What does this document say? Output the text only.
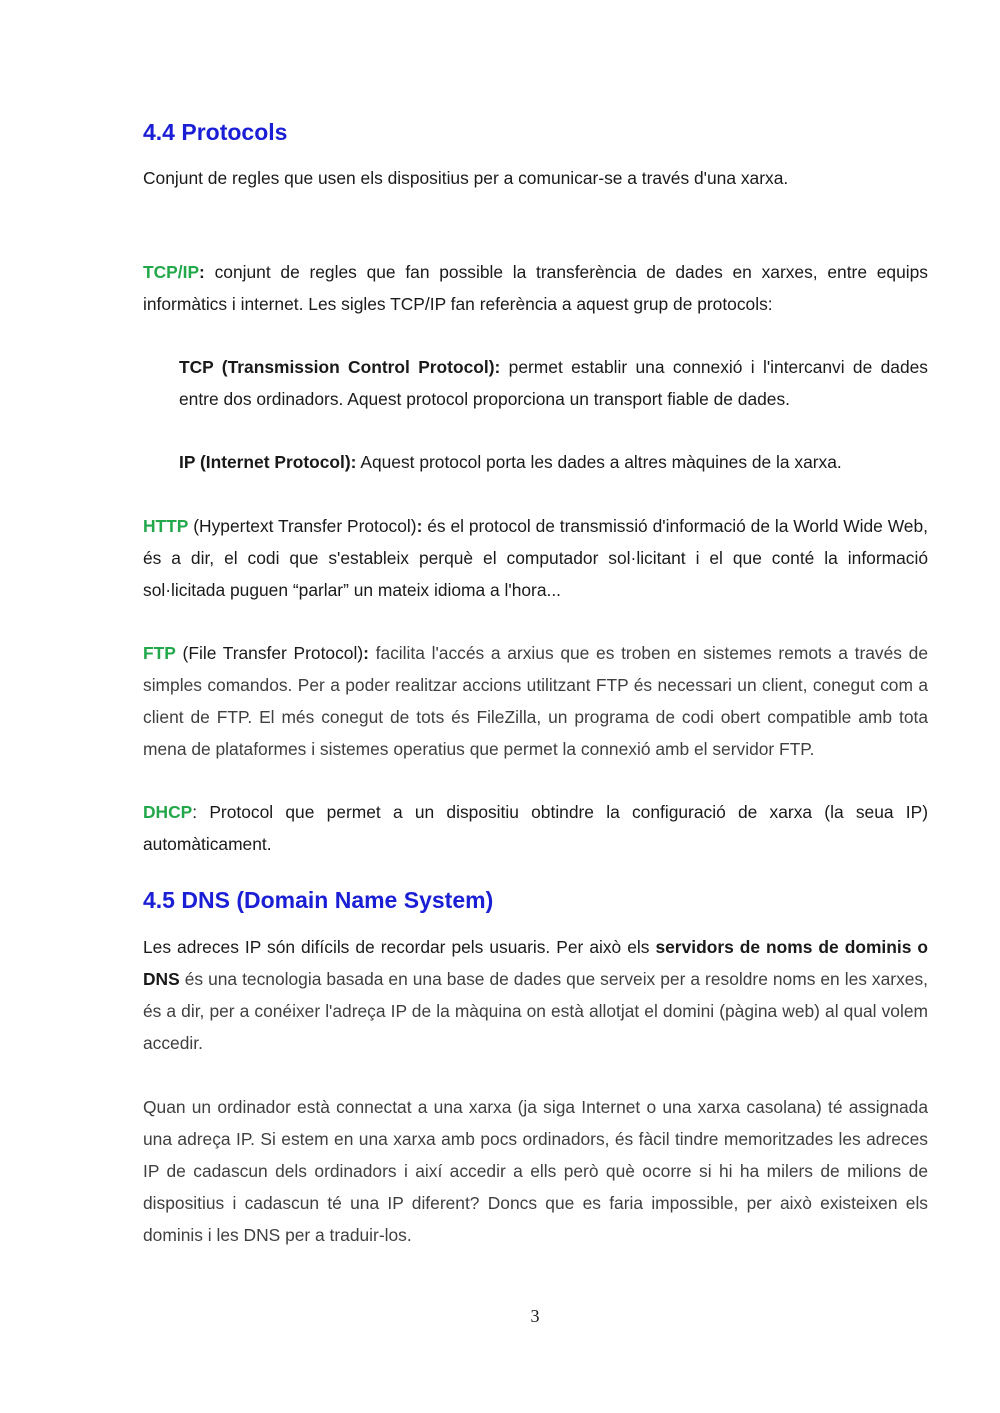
4.4 Protocols

Conjunt de regles que usen els dispositius per a comunicar-se a través d'una xarxa.

TCP/IP: conjunt de regles que fan possible la transferència de dades en xarxes, entre equips informàtics i internet. Les sigles TCP/IP fan referència a aquest grup de protocols:

TCP (Transmission Control Protocol): permet establir una connexió i l'intercanvi de dades entre dos ordinadors. Aquest protocol proporciona un transport fiable de dades.

IP (Internet Protocol): Aquest protocol porta les dades a altres màquines de la xarxa.

HTTP (Hypertext Transfer Protocol): és el protocol de transmissió d'informació de la World Wide Web, és a dir, el codi que s'estableix perquè el computador sol·licitant i el que conté la informació sol·licitada puguen “parlar” un mateix idioma a l'hora...

FTP (File Transfer Protocol): facilita l'accés a arxius que es troben en sistemes remots a través de simples comandos. Per a poder realitzar accions utilitzant FTP és necessari un client, conegut com a client de FTP. El més conegut de tots és FileZilla, un programa de codi obert compatible amb tota mena de plataformes i sistemes operatius que permet la connexió amb el servidor FTP.

DHCP: Protocol que permet a un dispositiu obtindre la configuració de xarxa (la seua IP) automàticament.

4.5 DNS (Domain Name System)

Les adreces IP són difícils de recordar pels usuaris. Per això els servidors de noms de dominis o DNS és una tecnologia basada en una base de dades que serveix per a resoldre noms en les xarxes, és a dir, per a conéixer l'adreça IP de la màquina on està allotjat el domini (pàgina web) al qual volem accedir.

Quan un ordinador està connectat a una xarxa (ja siga Internet o una xarxa casolana) té assignada una adreça IP. Si estem en una xarxa amb pocs ordinadors, és fàcil tindre memoritzades les adreces IP de cadascun dels ordinadors i així accedir a ells però què ocorre si hi ha milers de milions de dispositius i cadascun té una IP diferent? Doncs que es faria impossible, per això existeixen els dominis i les DNS per a traduir-los.

3
